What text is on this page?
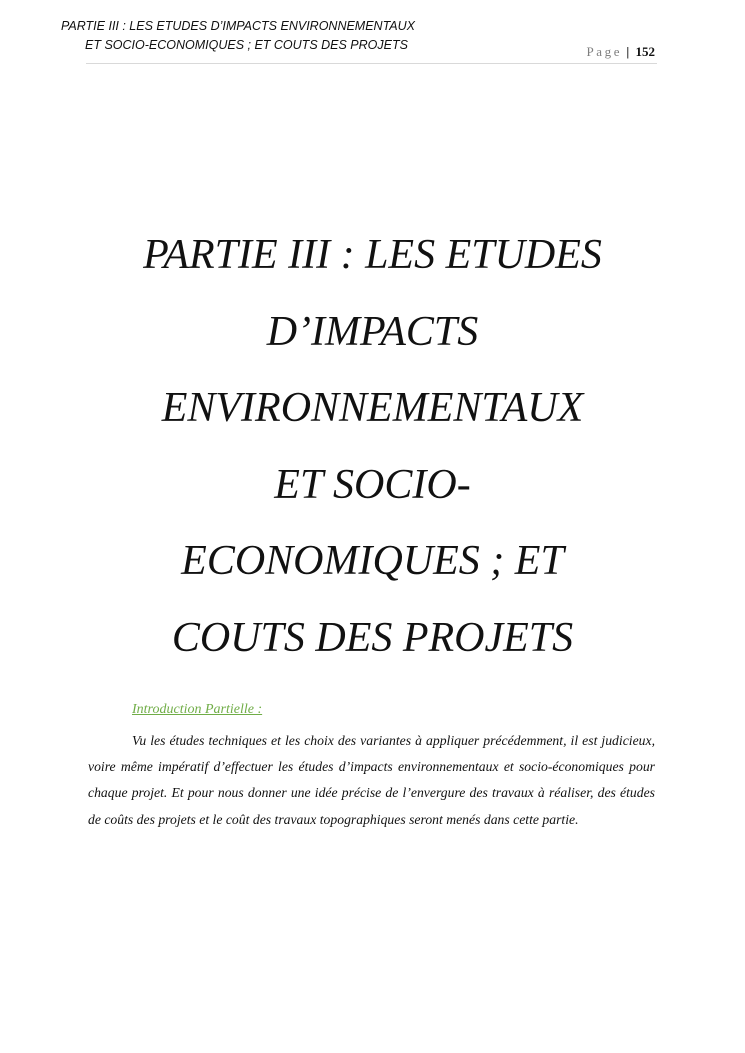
PARTIE III : LES ETUDES D’IMPACTS ENVIRONNEMENTAUX
ET SOCIO-ECONOMIQUES ; ET COUTS DES PROJETS	Page | 152
PARTIE III : LES ETUDES
D’IMPACTS
ENVIRONNEMENTAUX
ET SOCIO-
ECONOMIQUES ; ET
COUTS DES PROJETS
Introduction Partielle :

Vu les études techniques et les choix des variantes à appliquer précédemment, il est judicieux, voire même impératif d’effectuer les études d’impacts environnementaux et socio-économiques pour chaque projet. Et pour nous donner une idée précise de l’envergure des travaux à réaliser, des études de coûts des projets et le coût des travaux topographiques seront menés dans cette partie.
